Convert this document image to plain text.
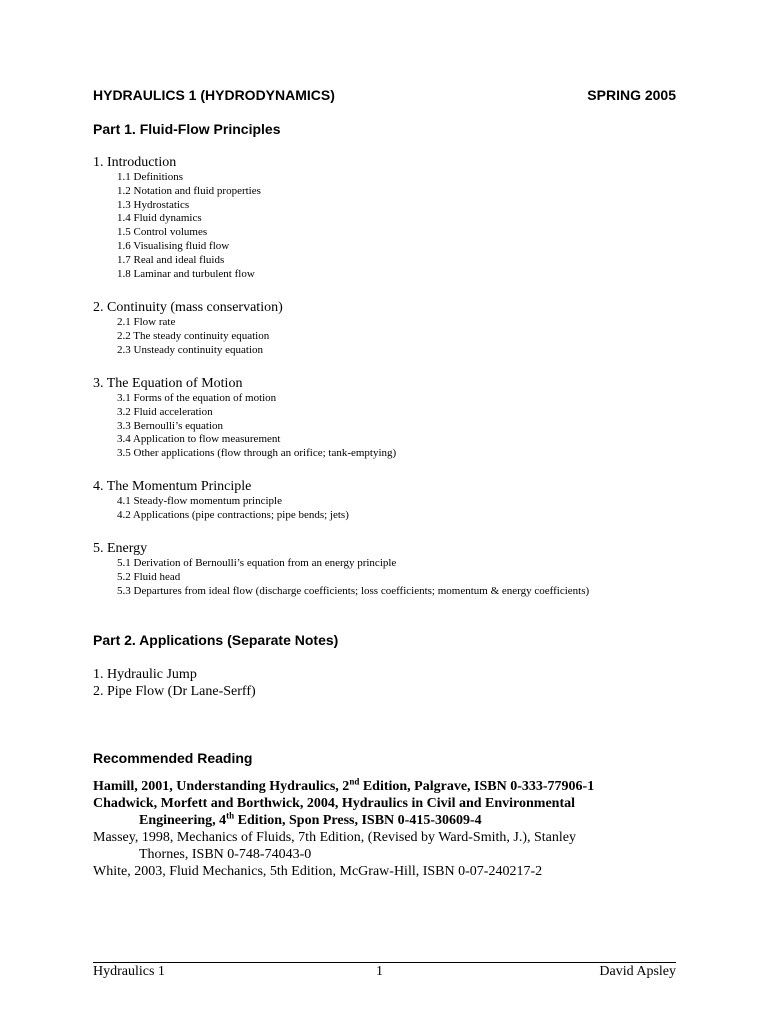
HYDRAULICS 1 (HYDRODYNAMICS)	SPRING 2005
Part 1. Fluid-Flow Principles
1. Introduction
1.1 Definitions
1.2 Notation and fluid properties
1.3 Hydrostatics
1.4 Fluid dynamics
1.5 Control volumes
1.6 Visualising fluid flow
1.7 Real and ideal fluids
1.8 Laminar and turbulent flow
2. Continuity (mass conservation)
2.1 Flow rate
2.2 The steady continuity equation
2.3 Unsteady continuity equation
3. The Equation of Motion
3.1 Forms of the equation of motion
3.2 Fluid acceleration
3.3 Bernoulli’s equation
3.4 Application to flow measurement
3.5 Other applications (flow through an orifice; tank-emptying)
4. The Momentum Principle
4.1 Steady-flow momentum principle
4.2 Applications (pipe contractions; pipe bends; jets)
5. Energy
5.1 Derivation of Bernoulli’s equation from an energy principle
5.2 Fluid head
5.3 Departures from ideal flow (discharge coefficients; loss coefficients; momentum & energy coefficients)
Part 2. Applications (Separate Notes)
1. Hydraulic Jump
2. Pipe Flow (Dr Lane-Serff)
Recommended Reading
Hamill, 2001, Understanding Hydraulics, 2nd Edition, Palgrave, ISBN 0-333-77906-1
Chadwick, Morfett and Borthwick, 2004, Hydraulics in Civil and Environmental
Engineering, 4th Edition, Spon Press, ISBN 0-415-30609-4
Massey, 1998, Mechanics of Fluids, 7th Edition, (Revised by Ward-Smith, J.), Stanley
Thornes, ISBN 0-748-74043-0
White, 2003, Fluid Mechanics, 5th Edition, McGraw-Hill, ISBN 0-07-240217-2
Hydraulics 1	1	David Apsley
